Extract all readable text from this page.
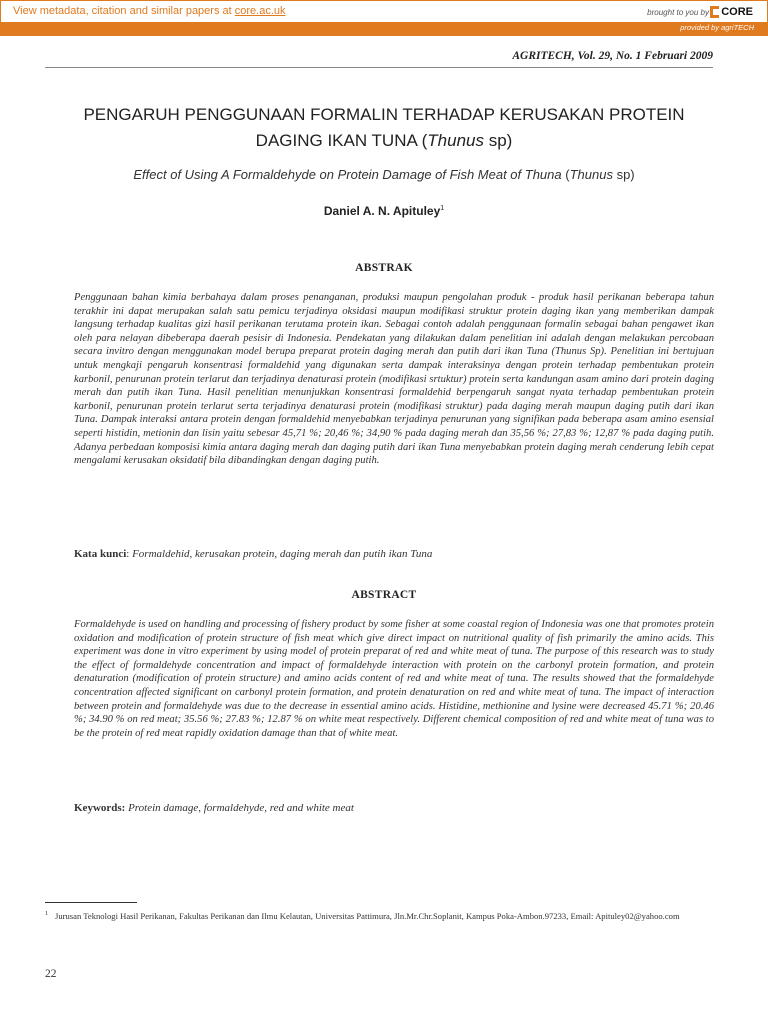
View metadata, citation and similar papers at core.ac.uk	brought to you by CORE
provided by agriTECH
AGRITECH, Vol. 29, No. 1 Februari 2009
PENGARUH PENGGUNAAN FORMALIN TERHADAP KERUSAKAN PROTEIN
DAGING IKAN TUNA (Thunus sp)
Effect of Using A Formaldehyde on Protein Damage of Fish Meat of Thuna (Thunus sp)
Daniel A. N. Apituley$^1$
ABSTRAK
Penggunaan bahan kimia berbahaya dalam proses penanganan, produksi maupun pengolahan produk - produk hasil perikanan beberapa tahun terakhir ini dapat merupakan salah satu pemicu terjadinya oksidasi maupun modifikasi struktur protein daging ikan yang memberikan dampak langsung terhadap kualitas gizi hasil perikanan terutama protein ikan. Sebagai contoh adalah penggunaan formalin sebagai bahan pengawet ikan oleh para nelayan dibeberapa daerah pesisir di Indonesia. Pendekatan yang dilakukan dalam penelitian ini adalah dengan melakukan percobaan secara invitro dengan menggunakan model berupa preparat protein daging merah dan putih dari ikan Tuna (Thunus Sp). Penelitian ini bertujuan untuk mengkaji pengaruh konsentrasi formaldehid yang digunakan serta dampak interaksinya dengan protein terhadap pembentukan protein karbonil, penurunan protein terlarut dan terjadinya denaturasi protein (modifikasi srtuktur) protein serta kandungan asam amino dari protein daging merah dan putih ikan Tuna. Hasil penelitian menunjukkan konsentrasi formaldehid berpengaruh sangat nyata terhadap pembentukan protein karbonil, penurunan protein terlarut serta terjadinya denaturasi protein (modifikasi struktur) pada daging merah maupun daging putih dari ikan Tuna. Dampak interaksi antara protein dengan formaldehid menyebabkan terjadinya penurunan yang signifikan pada beberapa asam amino esensial seperti histidin, metionin dan lisin yaitu sebesar 45,71 %; 20,46 %; 34,90 % pada daging merah dan 35,56 %; 27,83 %; 12,87 % pada daging putih. Adanya perbedaan komposisi kimia antara daging merah dan daging putih dari ikan Tuna menyebabkan protein daging merah cenderung lebih cepat mengalami kerusakan oksidatif bila dibandingkan dengan daging putih.
Kata kunci: Formaldehid, kerusakan protein, daging merah dan putih ikan Tuna
ABSTRACT
Formaldehyde is used on handling and processing of fishery product by some fisher at some coastal region of Indonesia was one that promotes protein oxidation and modification of protein structure of fish meat which give direct impact on nutritional quality of fish primarily the amino acids. This experiment was done in vitro experiment by using model of protein preparat of red and white meat of tuna. The purpose of this research was to study the effect of formaldehyde concentration and impact of formaldehyde interaction with protein on the carbonyl protein formation, and protein denaturation (modification of protein structure) and amino acids content of red and white meat of tuna. The results showed that the formaldehyde concentration affected significant on carbonyl protein formation, and protein denaturation on red and white meat of tuna. The impact of interaction between protein and formaldehyde was due to the decrease in essential amino acids. Histidine, methionine and lysine were decreased 45.71 %; 20.46 %; 34.90 % on red meat; 35.56 %; 27.83 %; 12.87 % on white meat respectively. Different chemical composition of red and white meat of tuna was to be the protein of red meat rapidly oxidation damage than that of white meat.
Keywords: Protein damage, formaldehyde, red and white meat
1 Jurusan Teknologi Hasil Perikanan, Fakultas Perikanan dan Ilmu Kelautan, Universitas Pattimura, Jln.Mr.Chr.Soplanit, Kampus Poka-Ambon.97233, Email: Apituley02@yahoo.com
22
